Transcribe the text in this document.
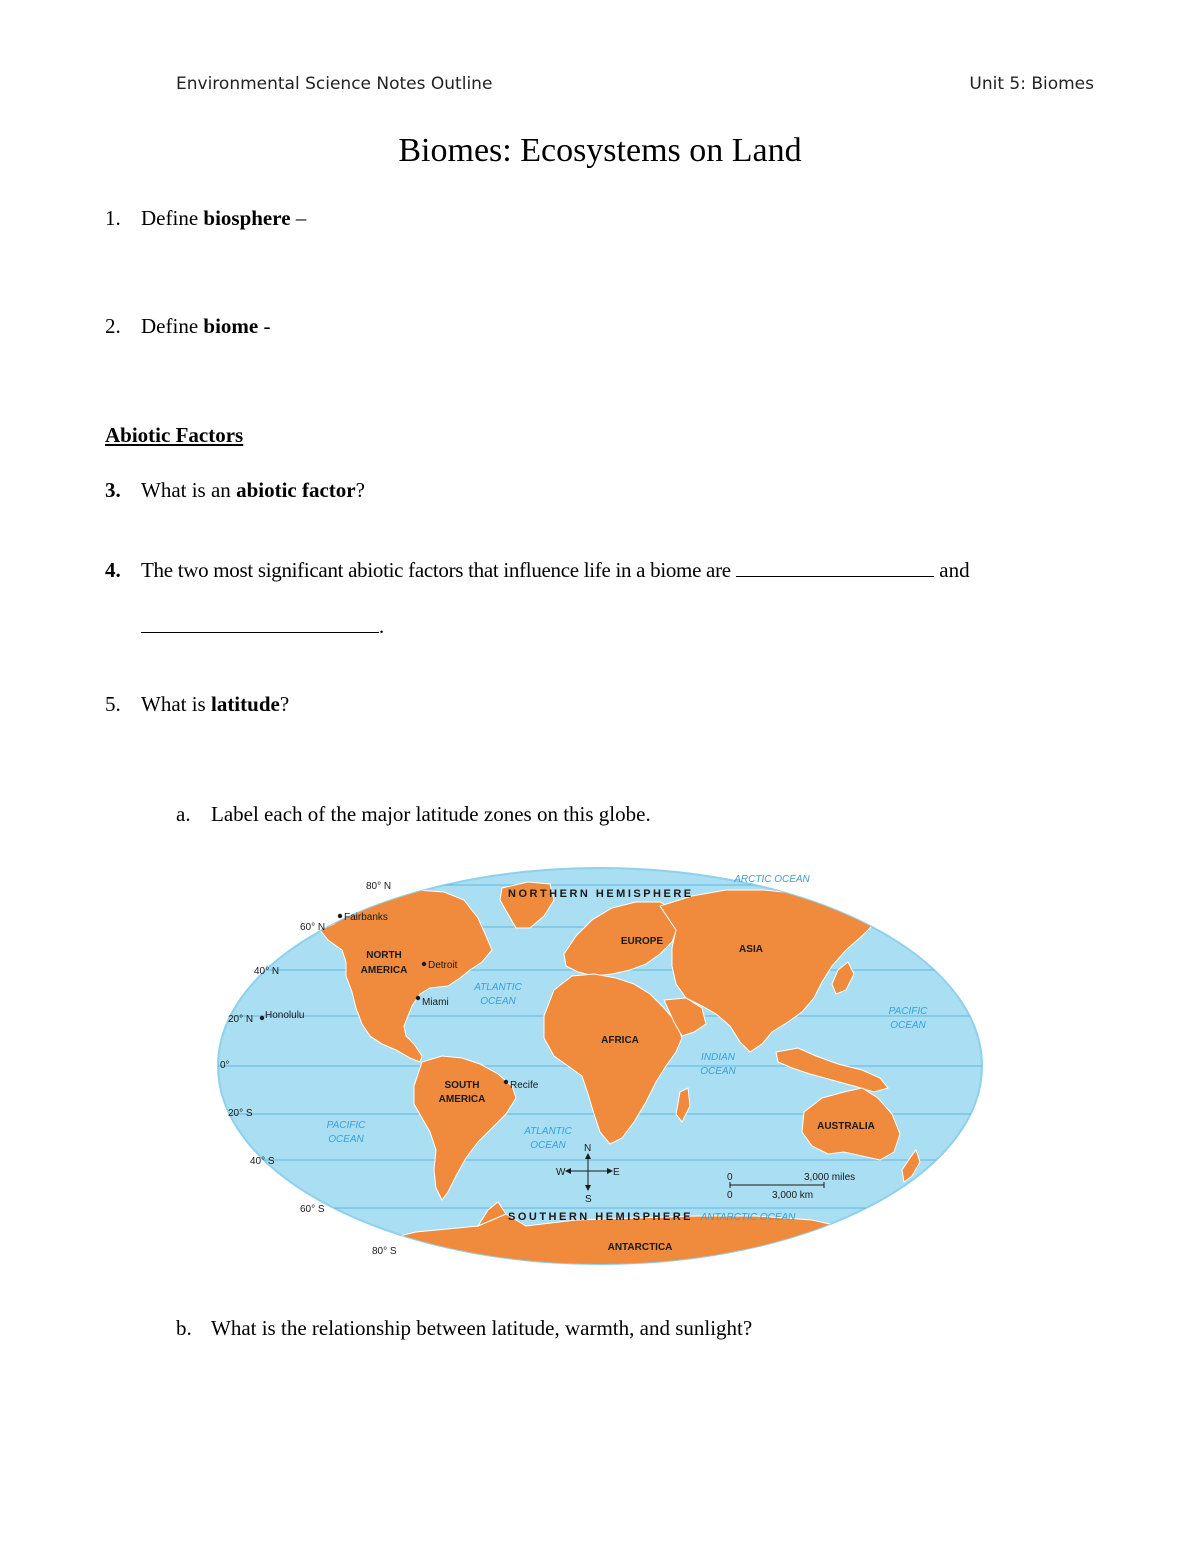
Environmental Science Notes Outline	Unit 5: Biomes
Biomes: Ecosystems on Land
1. Define biosphere –
2. Define biome -
Abiotic Factors
3. What is an abiotic factor?
4. The two most significant abiotic factors that influence life in a biome are	and
.
5. What is latitude?
a. Label each of the major latitude zones on this globe.
NORTHERN HEMISPHERE
SOUTHERN HEMISPHERE
80° N
60° N
40° N
20° N
0°
20° S
40° S
60° S
80° S
NORTH
AMERICA
SOUTH
AMERICA
EUROPE
ASIA
AFRICA
AUSTRALIA
ANTARCTICA
Fairbanks
Detroit
Miami
Honolulu
Recife
ARCTIC OCEAN
ATLANTIC
OCEAN
PACIFIC
OCEAN
INDIAN
OCEAN
PACIFIC
OCEAN
ATLANTIC
OCEAN
ANTARCTIC OCEAN
N
S
W	E	0	3,000 miles
0	3,000 km
b. What is the relationship between latitude, warmth, and sunlight?
